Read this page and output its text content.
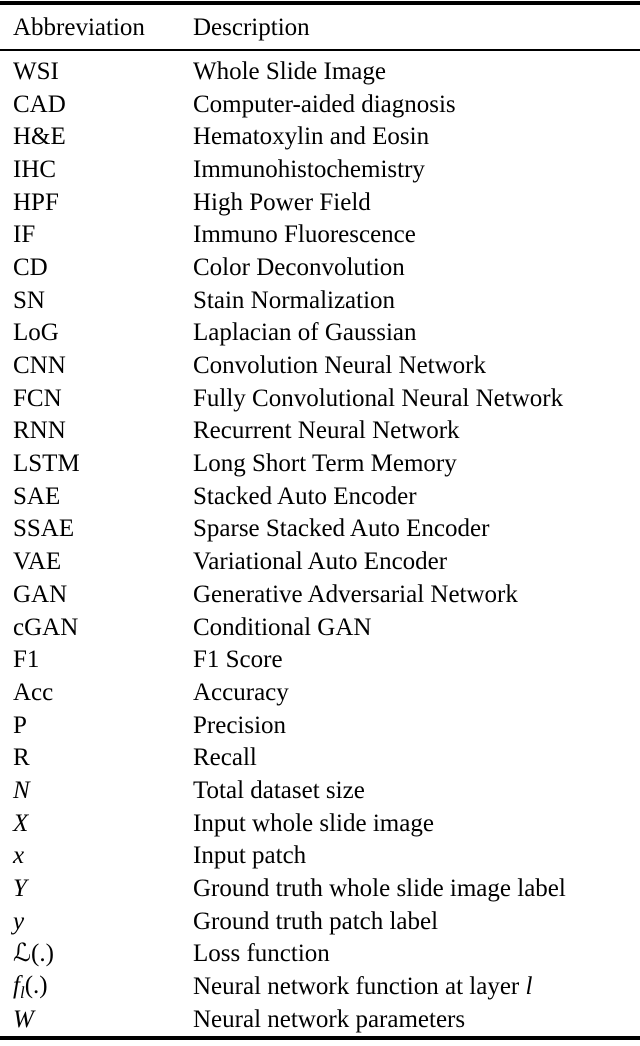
Abbreviation	Description
WSI	Whole Slide Image
CAD	Computer-aided diagnosis
H&E	Hematoxylin and Eosin
IHC	Immunohistochemistry
HPF	High Power Field
IF	Immuno Fluorescence
CD	Color Deconvolution
SN	Stain Normalization
LoG	Laplacian of Gaussian
CNN	Convolution Neural Network
FCN	Fully Convolutional Neural Network
RNN	Recurrent Neural Network
LSTM	Long Short Term Memory
SAE	Stacked Auto Encoder
SSAE	Sparse Stacked Auto Encoder
VAE	Variational Auto Encoder
GAN	Generative Adversarial Network
cGAN	Conditional GAN
F1	F1 Score
Acc	Accuracy
P	Precision
R	Recall
N	Total dataset size
X	Input whole slide image
x	Input patch
Y	Ground truth whole slide image label
y	Ground truth patch label
ℒ(.)	Loss function
$f_l(.)$	Neural network function at layer l
W	Neural network parameters
